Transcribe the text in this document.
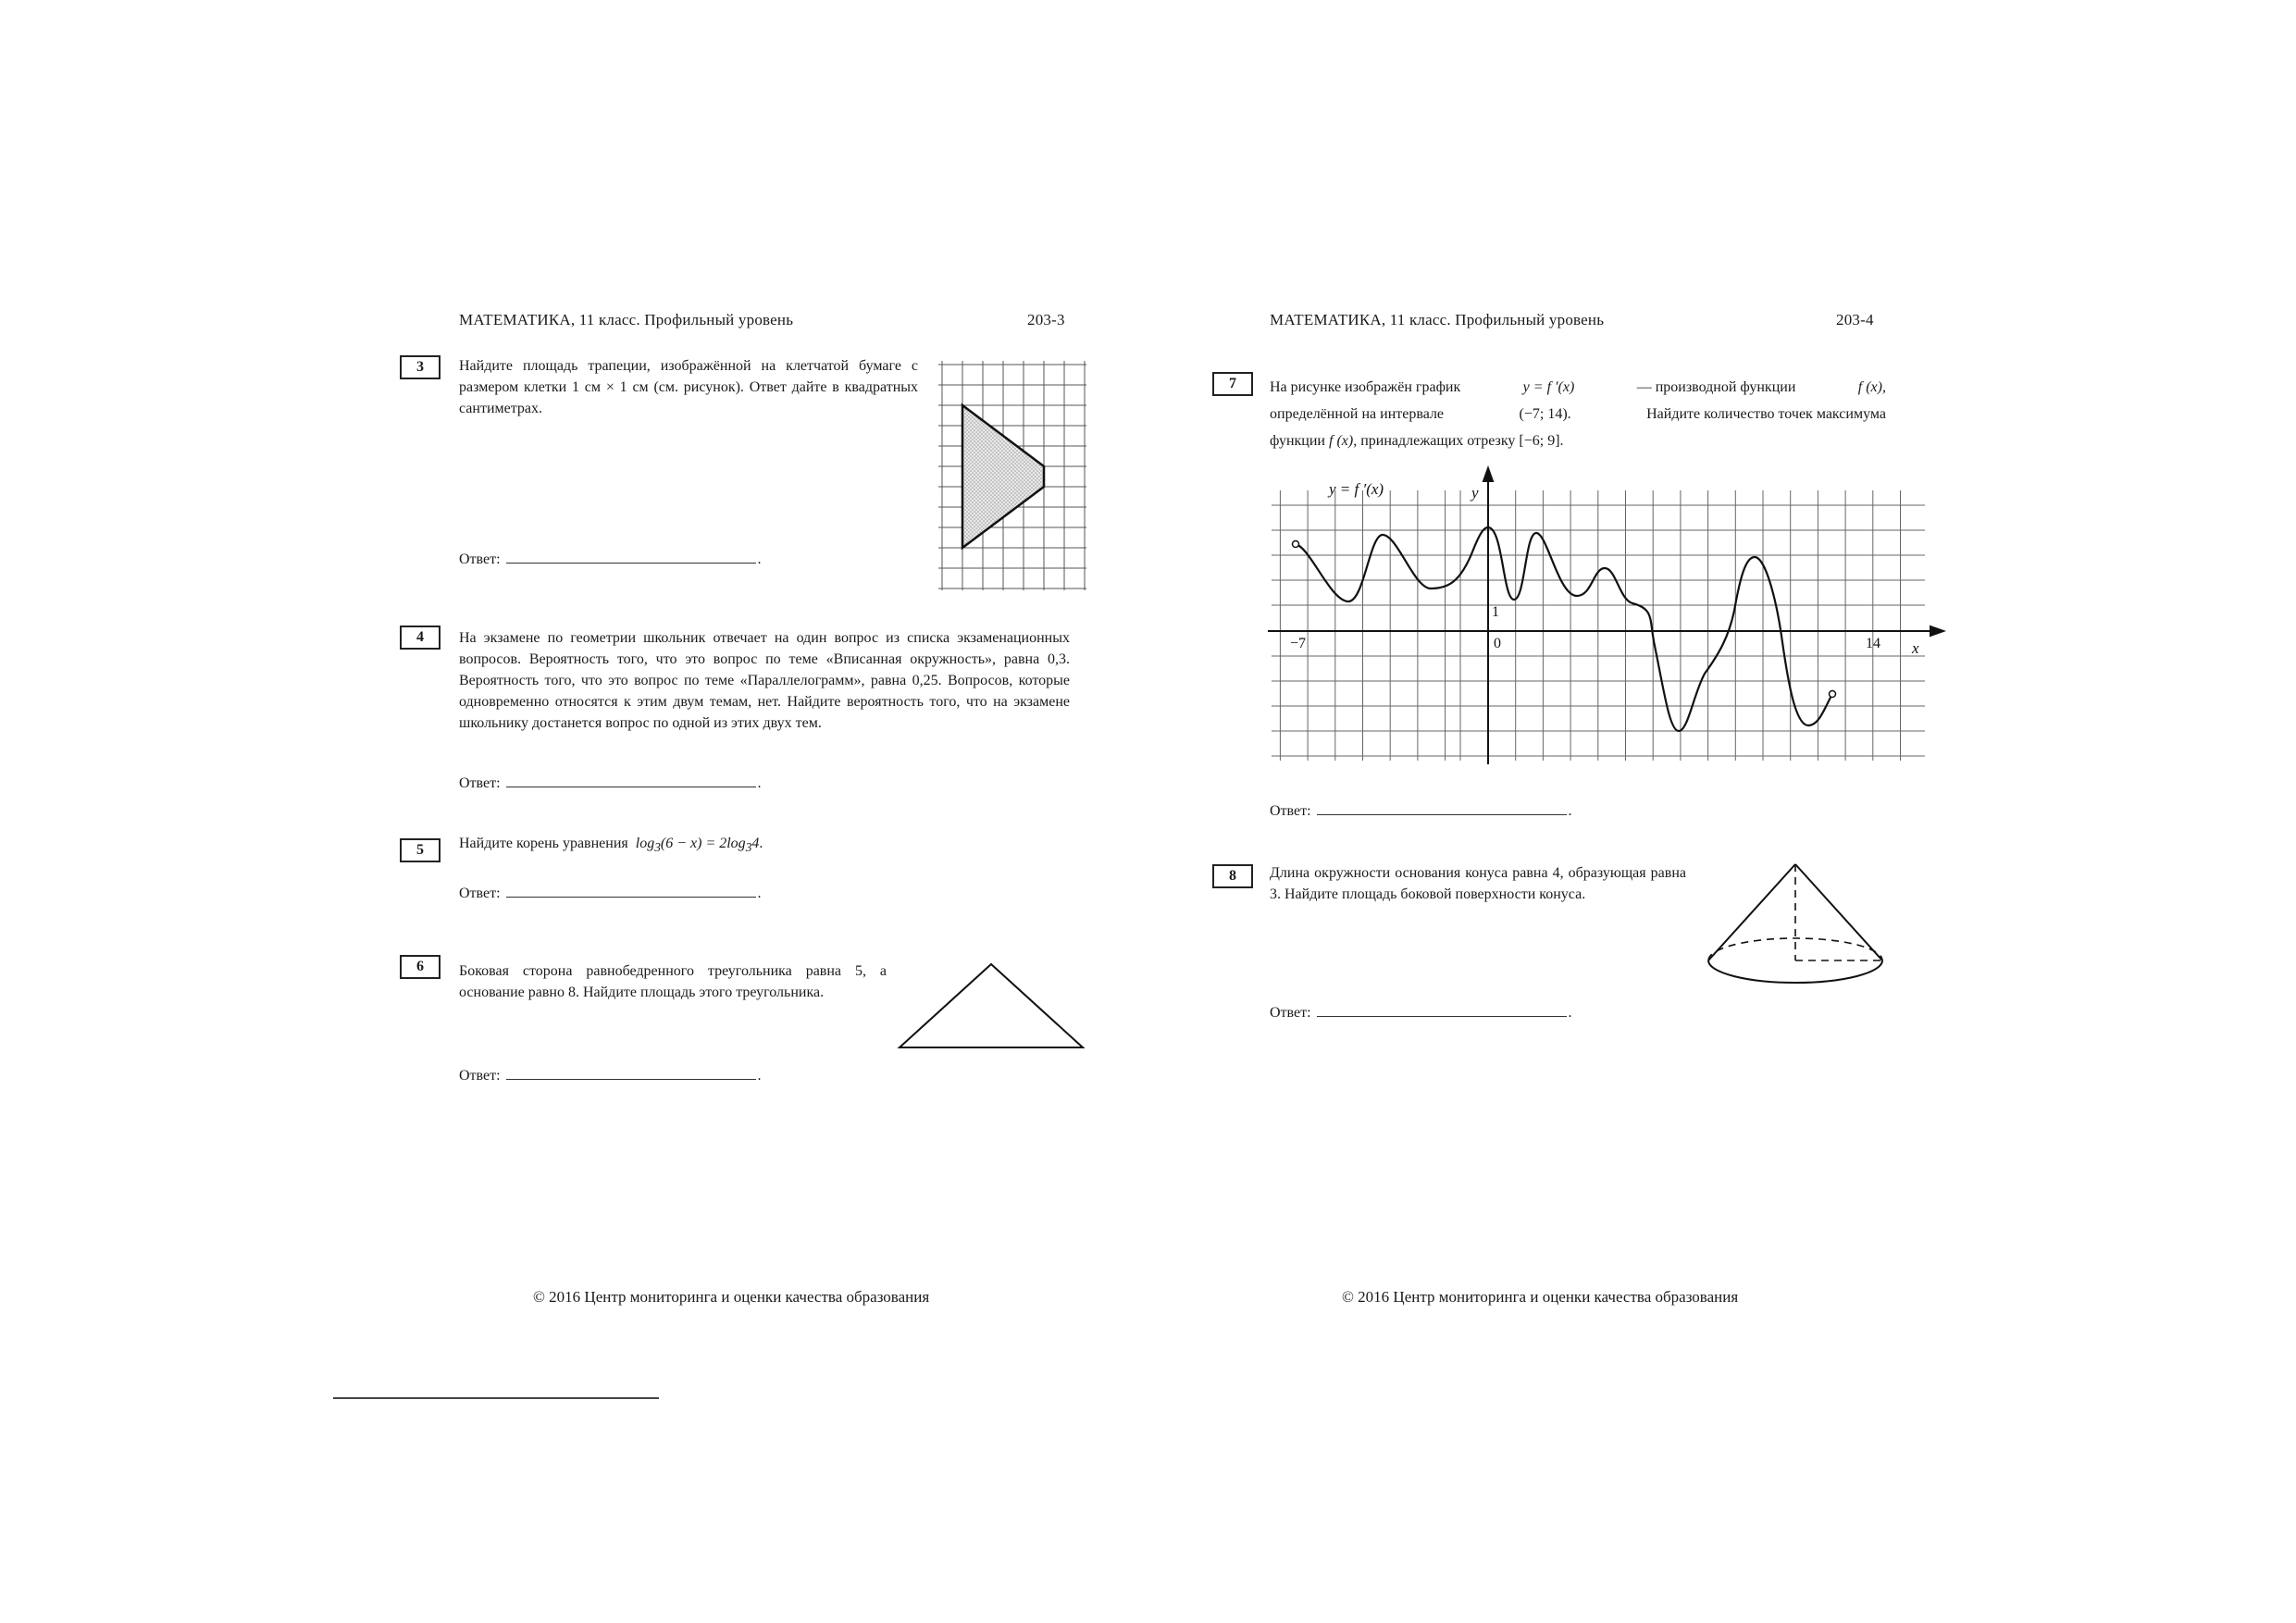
МАТЕМАТИКА, 11 класс. Профильный уровень	203-3
3	Найдите площадь трапеции, изображённой на клетчатой бумаге с размером клетки 1 см × 1 см (см. рисунок). Ответ дайте в квадратных сантиметрах.
Ответ:	.
4	На экзамене по геометрии школьник отвечает на один вопрос из списка экзаменационных вопросов. Вероятность того, что это вопрос по теме «Вписанная окружность», равна 0,3. Вероятность того, что это вопрос по теме «Параллелограмм», равна 0,25. Вопросов, которые одновременно относятся к этим двум темам, нет. Найдите вероятность того, что на экзамене школьнику достанется вопрос по одной из этих двух тем.
Ответ:	.
5	Найдите корень уравнения $\log_3(6 - x) = 2\log_34$.
Ответ:	.
6	Боковая сторона равнобедренного треугольника равна 5, а основание равно 8. Найдите площадь этого треугольника.
Ответ:	.
© 2016 Центр мониторинга и оценки качества образования
МАТЕМАТИКА, 11 класс. Профильный уровень	203-4
7	На рисунке изображён график	y = f ′(x)	— производной функции	f (x),
определённой на интервале	(−7; 14).	Найдите количество точек максимума
функции f (x), принадлежащих отрезку [−6; 9].
y = f ′(x)	y
x
−7	0
1
14
Ответ:	.
8	Длина окружности основания конуса равна 4, образующая равна 3. Найдите площадь боковой поверхности конуса.
Ответ:	.
© 2016 Центр мониторинга и оценки качества образования
